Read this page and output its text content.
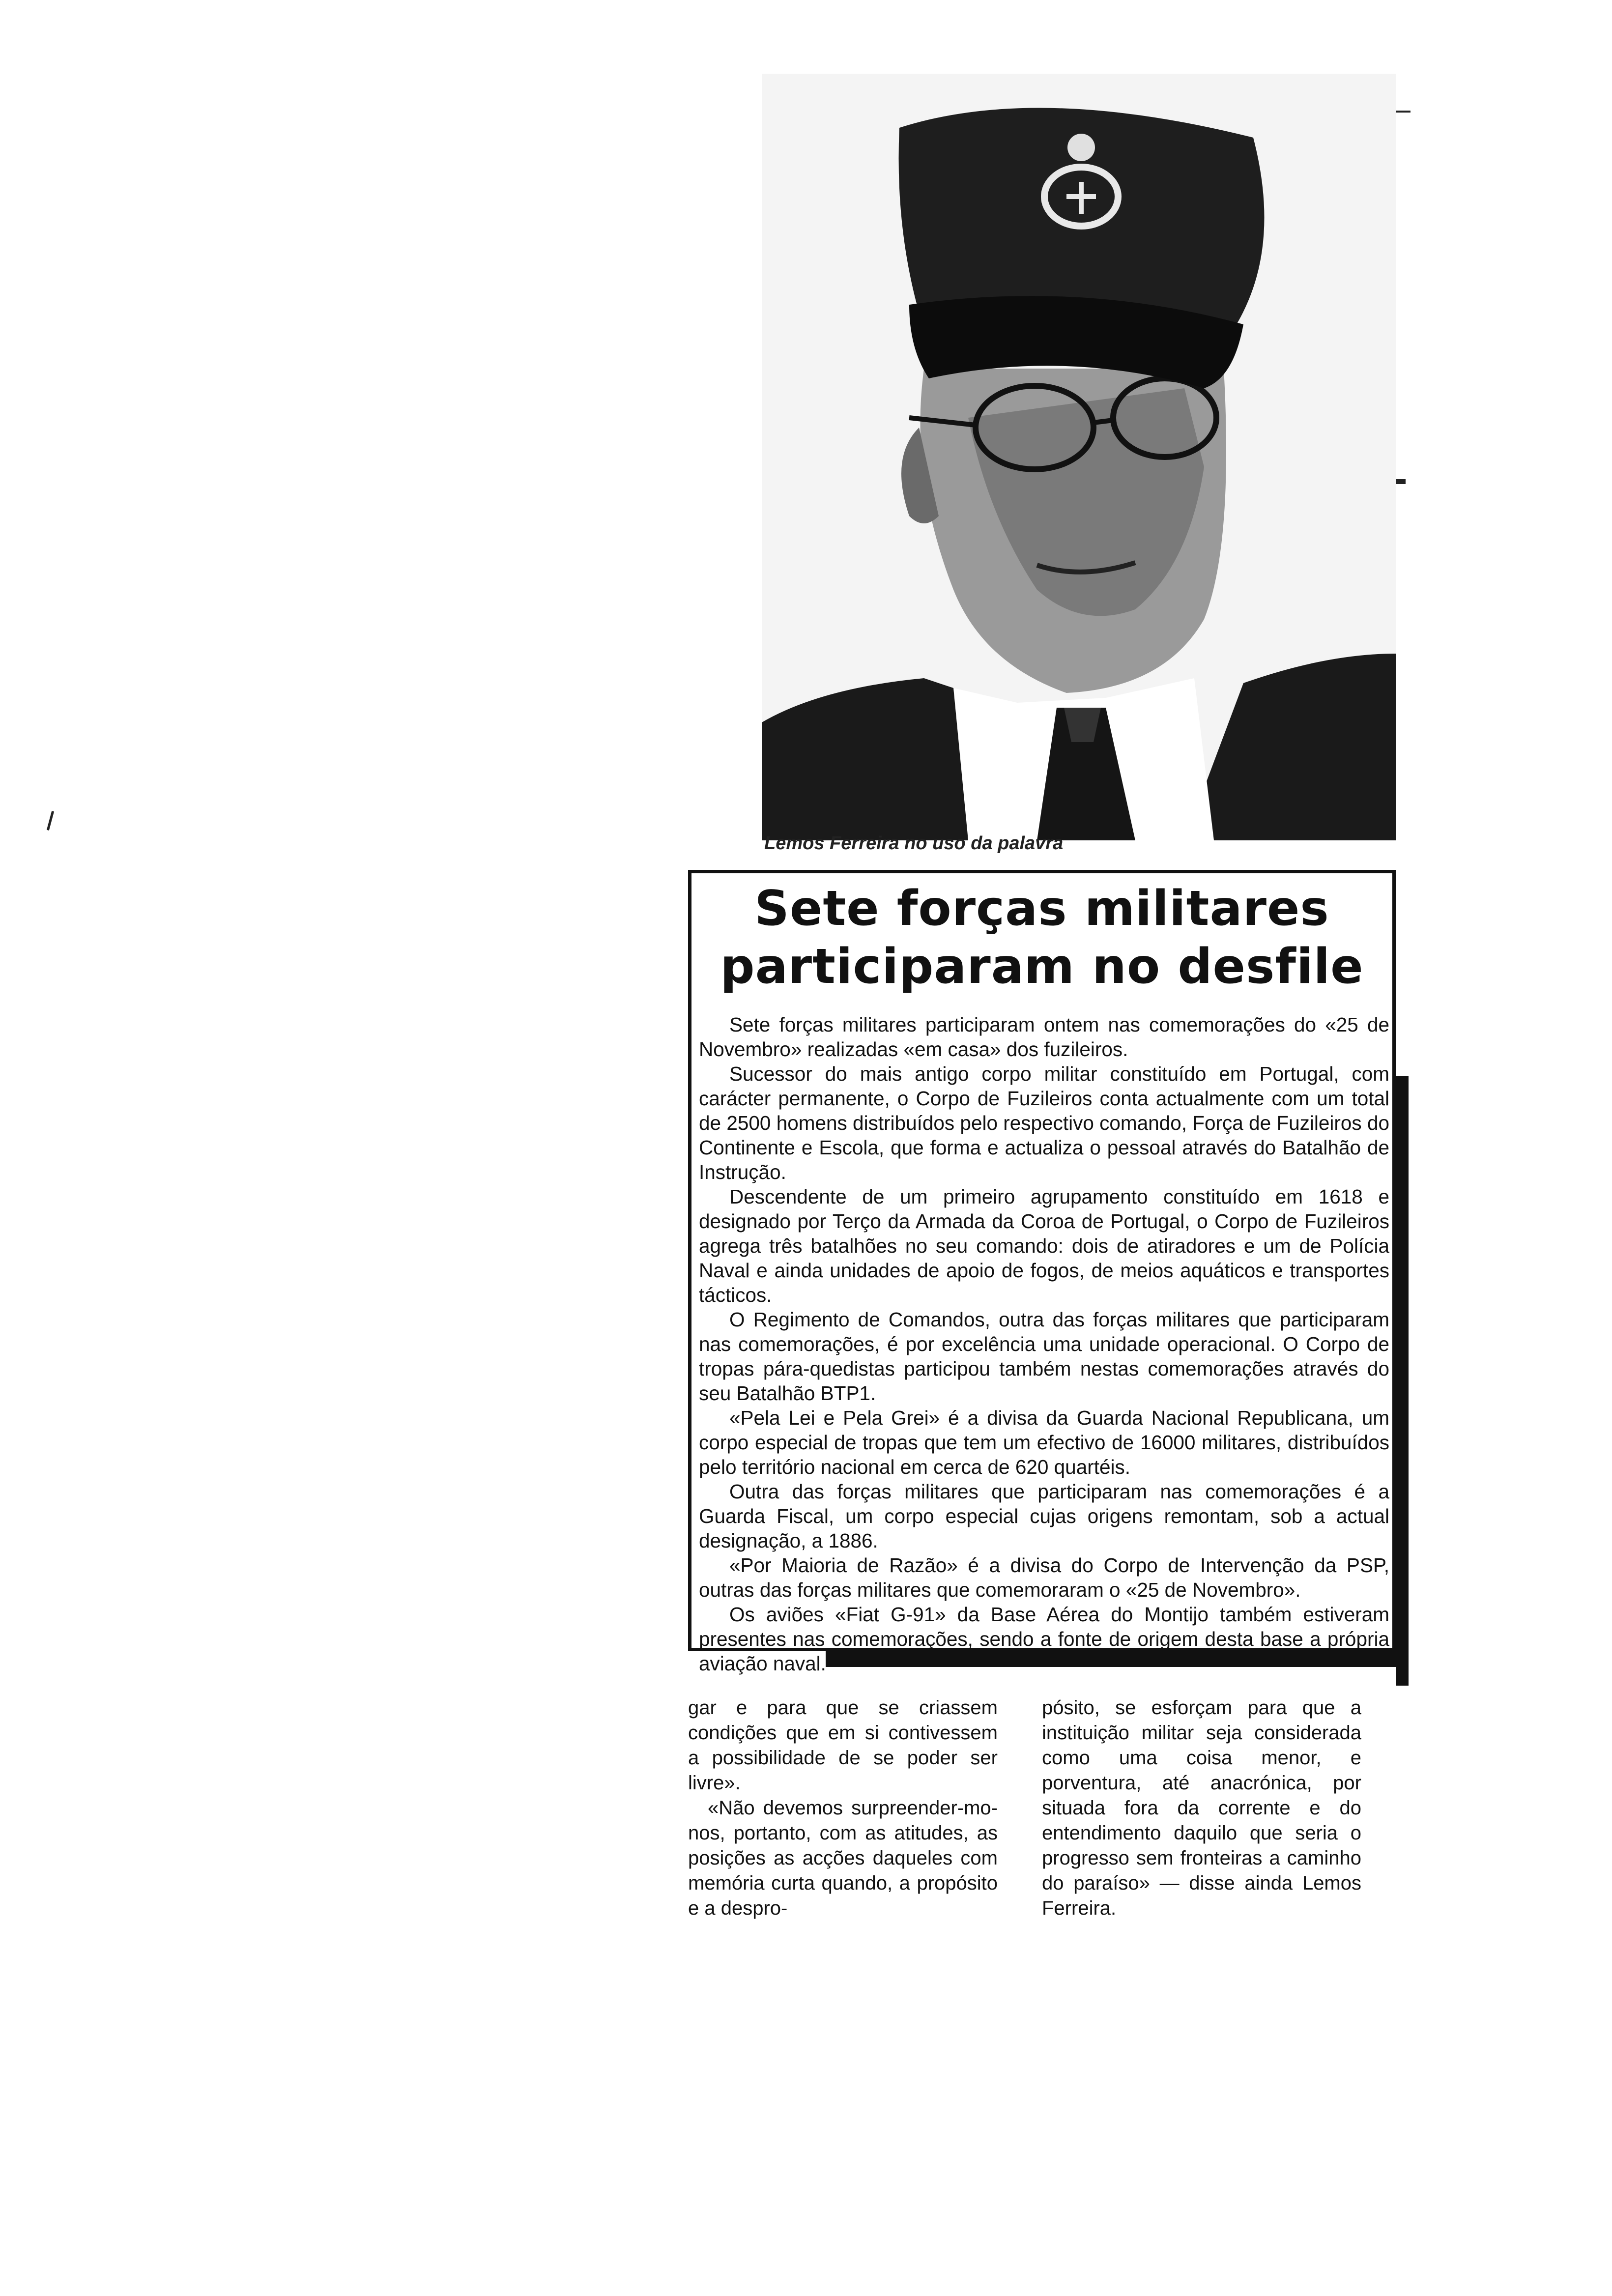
Lemos Ferreira no uso da palavra
Sete forças militares
participaram no desfile

Sete forças militares participaram ontem nas comemorações do «25 de Novembro» realizadas «em casa» dos fuzileiros.

Sucessor do mais antigo corpo militar constituído em Portugal, com carácter permanente, o Corpo de Fuzileiros conta actualmente com um total de 2500 homens distribuídos pelo respectivo comando, Força de Fuzileiros do Continente e Escola, que forma e actualiza o pessoal através do Batalhão de Instrução.

Descendente de um primeiro agrupamento constituído em 1618 e designado por Terço da Armada da Coroa de Portugal, o Corpo de Fuzileiros agrega três batalhões no seu comando: dois de atiradores e um de Polícia Naval e ainda unidades de apoio de fogos, de meios aquáticos e transportes tácticos.

O Regimento de Comandos, outra das forças militares que participaram nas comemorações, é por excelência uma unidade operacional. O Corpo de tropas pára-quedistas participou também nestas comemorações através do seu Batalhão BTP1.

«Pela Lei e Pela Grei» é a divisa da Guarda Nacional Republicana, um corpo especial de tropas que tem um efectivo de 16000 militares, distribuídos pelo território nacional em cerca de 620 quartéis.

Outra das forças militares que participaram nas comemorações é a Guarda Fiscal, um corpo especial cujas origens remontam, sob a actual designação, a 1886.

«Por Maioria de Razão» é a divisa do Corpo de Intervenção da PSP, outras das forças militares que comemoraram o «25 de Novembro».

Os aviões «Fiat G-91» da Base Aérea do Montijo também estiveram presentes nas comemorações, sendo a fonte de origem desta base a própria aviação naval.

gar e para que se criassem condições que em si contivessem a possibilidade de se poder ser livre».

«Não devemos surpreender-mo-nos, portanto, com as atitudes, as posições as acções daqueles com memória curta quando, a propósito e a despro-

pósito, se esforçam para que a instituição militar seja considerada como uma coisa menor, e porventura, até anacrónica, por situada fora da corrente e do entendimento daquilo que seria o progresso sem fronteiras a caminho do paraíso» — disse ainda Lemos Ferreira.
